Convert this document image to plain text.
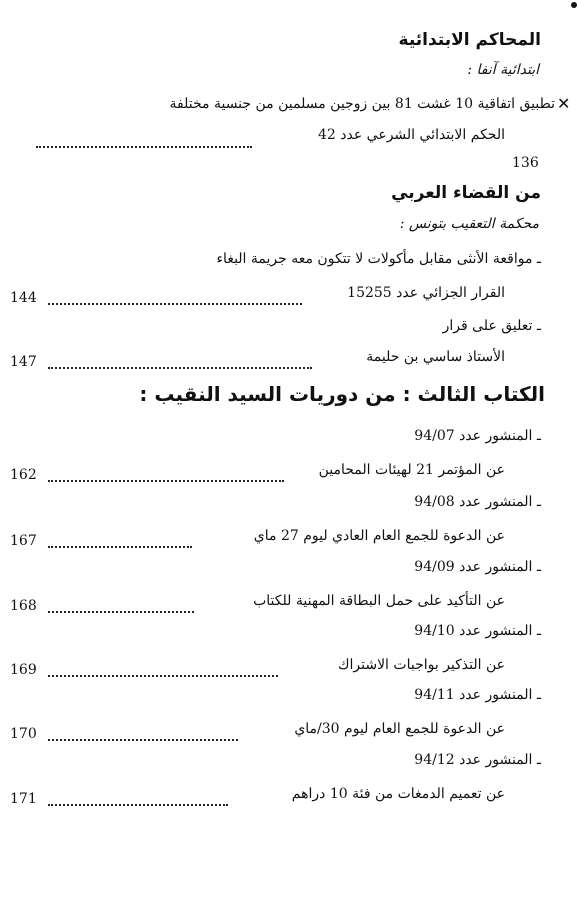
المحاكم الابتدائية
ابتدائية آنفا :
✕
تطبيق اتفاقية 10 غشت 81 بين زوجين مسلمين من جنسية مختلفة
الحكم الابتدائي الشرعي عدد 42
136
من القضاء العربي
محكمة التعقيب بتونس :
ـ مواقعة الأنثى مقابل مأكولات لا تتكون معه جريمة البغاء
القرار الجزائي عدد 15255
144
ـ تعليق على قرار
الأستاذ ساسي بن حليمة
147
الكتاب الثالث : من دوريات السيد النقيب :
ـ المنشور عدد 94/07
عن المؤتمر 21 لهيئات المحامين
162
ـ المنشور عدد 94/08
عن الدعوة للجمع العام العادي ليوم 27 ماي
167
ـ المنشور عدد 94/09
عن التأكيد على حمل البطاقة المهنية للكتاب
168
ـ المنشور عدد 94/10
عن التذكير بواجبات الاشتراك
169
ـ المنشور عدد 94/11
عن الدعوة للجمع العام ليوم 30/ماي
170
ـ المنشور عدد 94/12
عن تعميم الدمغات من فئة 10 دراهم
171
